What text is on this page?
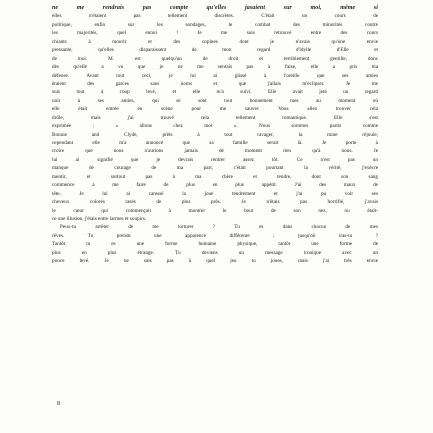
ne me rendrais pas compte qu'elles jasaient sur moi, même si
elles n'étaient pas tellement discrètes. C'était un cours de
politique, enfin sur les sondages, le combat des minorités contre
les majorités, quel ennui ! Je me suis retrouvé entre des cours
chiants à mourir et des copines dont je n'avais qu'une envie
pressante, qu'elles disparaissent de mon regard d'idylle d'Elle et
de moi. M. est quelqu'un de droit et terriblement gentille, donc
dès qu'elle a vu que je ne me sentais pas à l'aise, elle a pris ma
défense. Avant tout ceci, je lui ai glissé à l'oreille que ses amies
étaient des garces sans noms et que j'allais m'éclipser. Je me
suis tout à coup levé, et elle m'a suivi. Elle avait jeté un regard
noir à ses amies, qui se sont tout bonnement tues au moment où
elle était entrée en scène pour me sauver. Vous allez trouver cela
drôle, mais j'ai trouvé cela tellement romantique. Elle s'est
exprimée : « allons chez moi ». Nous sommes partis comme
Bonnie and Clyde, prêts à tout ravager, la mine réjouie,
cependant elle m'a annoncé que sa famille serait là. Je porte à
croire que nous n'aurions jamais de moment rien qu'à nous. Je
lui ai signifié que je devrais rentrer assez tôt. Ce n'est pas un
manque de courage de ma part, c'était pourtant la vérité, j'exècre
mentir, et surtout pas à ma chère et tendre, dont son sang
commence à me faire de plus en plus appétit. J'ai des maux de
tête. Je lui ai caressé la joue tendrement et j'ai pu voir ses
cheveux colorés rasés de plus près. Je n'étais pas horrifié, j'avais
le cœur qui commençait à montrer le bout de son nez, ou était-
ce une illusion, j'étais entre larmes et soupirs.
Peux-tu arrêter de me torturer ? Tu es dans chacun de mes
rêves. Tu prends une apparence différente ; jusqu'où iras-tu ?
Tantôt tu es une forme humaine physique, tantôt une forme de
plus en plus étrange. Tu deviens un message ironique avec un
pouce levé. Je ne sais pas à quel jeu tu joues, mais j'ai très envie
8
